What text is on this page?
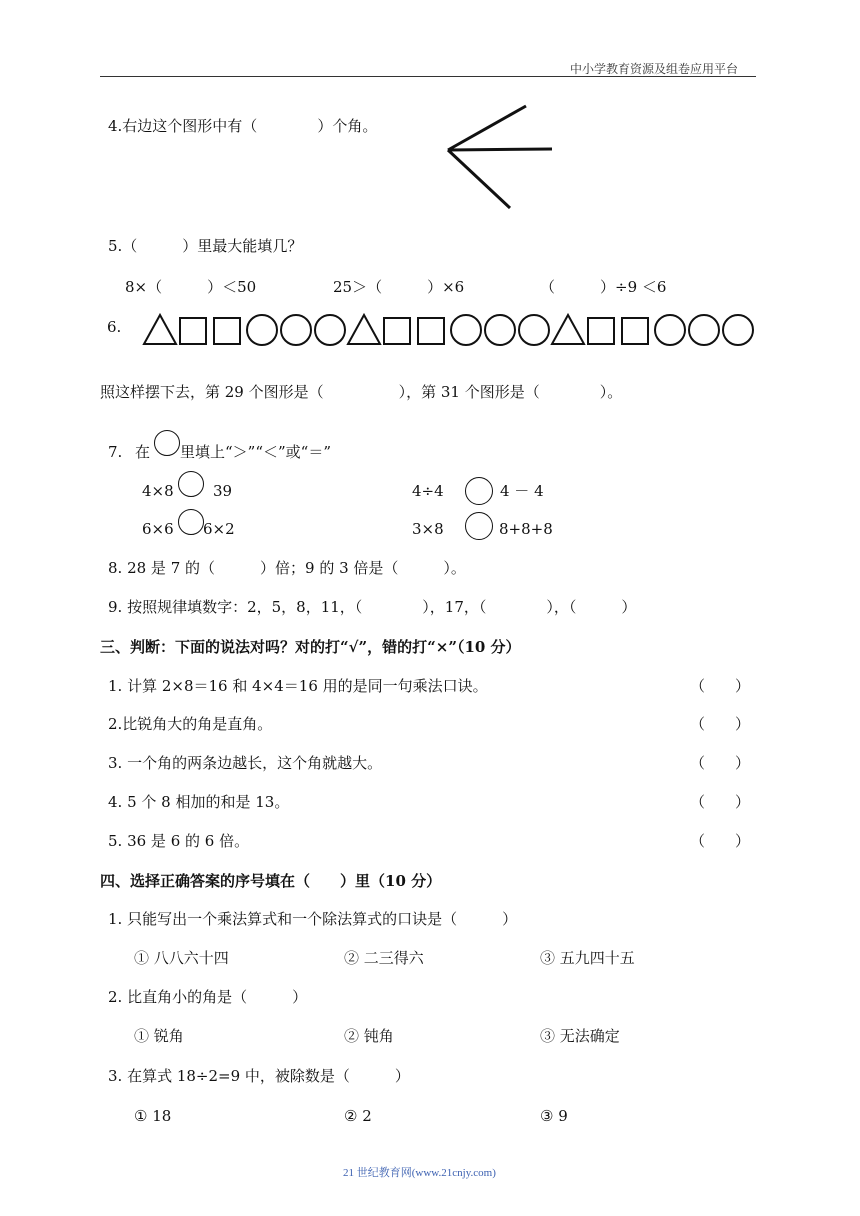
中小学教育资源及组卷应用平台
4.右边这个图形中有（　　　　）个角。
5.（　　　）里最大能填几？
8×（　　　）＜50	25＞（　　　）×6	（　　　）÷9 ＜6
6.
照这样摆下去，第 29 个图形是（　　　　　），第 31 个图形是（　　　　）。
7. 在 里填上“＞”“＜”或“＝”
4×8	39	4÷4	4 － 4
6×6 6×2	3×8	8+8+8
8. 28 是 7 的（　　　）倍；9 的 3 倍是（　　　）。
9. 按照规律填数字：2，5，8，11，（　　　　），17，（　　　　），（　　　）
三、判断：下面的说法对吗？对的打“√”，错的打“×”（10 分）
1. 计算 2×8＝16 和 4×4＝16 用的是同一句乘法口诀。	（　　）
2.比锐角大的角是直角。	（　　）
3. 一个角的两条边越长，这个角就越大。	（　　）
4. 5 个 8 相加的和是 13。	（　　）
5. 36 是 6 的 6 倍。	（　　）
四、选择正确答案的序号填在（　　）里（10 分）
1. 只能写出一个乘法算式和一个除法算式的口诀是（　　　）
① 八八六十四	② 二三得六	③ 五九四十五
2. 比直角小的角是（　　　）
① 锐角	② 钝角	③ 无法确定
3. 在算式 18÷2=9 中，被除数是（　　　）
① 18	② 2	③ 9
21 世纪教育网(www.21cnjy.com)
